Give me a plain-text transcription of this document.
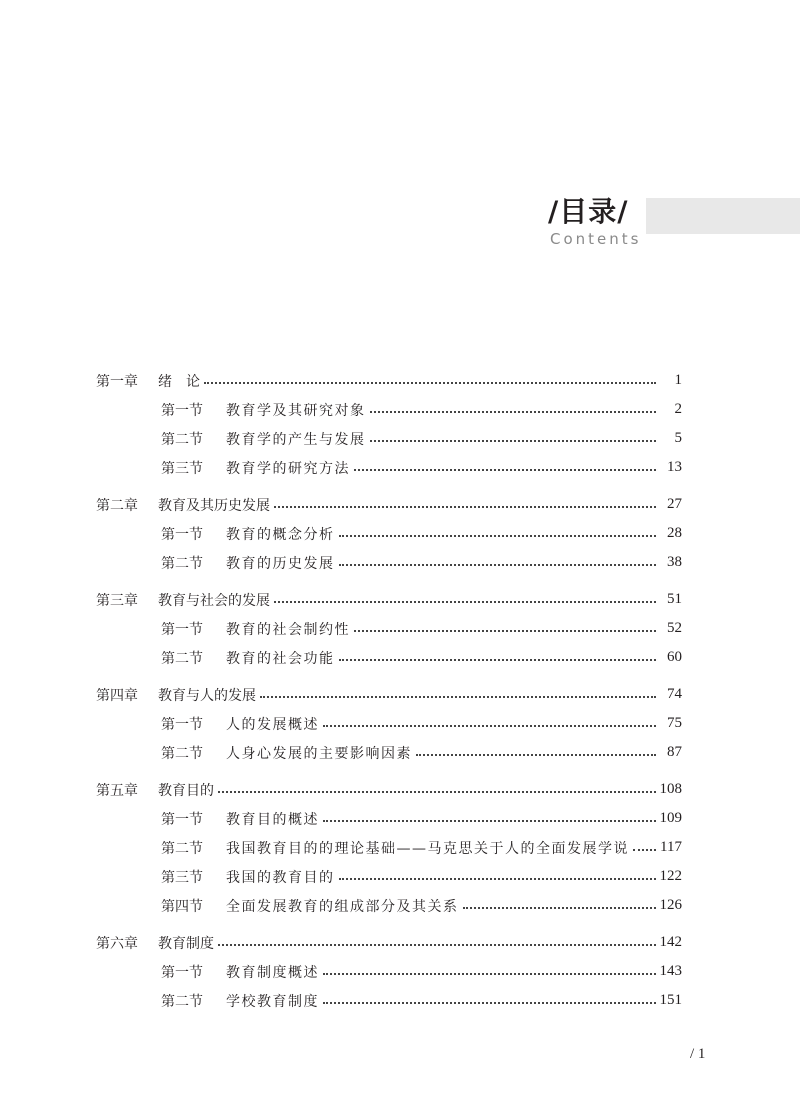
/目录/
Contents
第一章	绪　论	1
第一节	教育学及其研究对象	2
第二节	教育学的产生与发展	5
第三节	教育学的研究方法	13
第二章	教育及其历史发展	27
第一节	教育的概念分析	28
第二节	教育的历史发展	38
第三章	教育与社会的发展	51
第一节	教育的社会制约性	52
第二节	教育的社会功能	60
第四章	教育与人的发展	74
第一节	人的发展概述	75
第二节	人身心发展的主要影响因素	87
第五章	教育目的	108
第一节	教育目的概述	109
第二节	我国教育目的的理论基础——马克思关于人的全面发展学说 117
第三节	我国的教育目的	122
第四节	全面发展教育的组成部分及其关系	126
第六章	教育制度	142
第一节	教育制度概述	143
第二节	学校教育制度	151
/ 1
